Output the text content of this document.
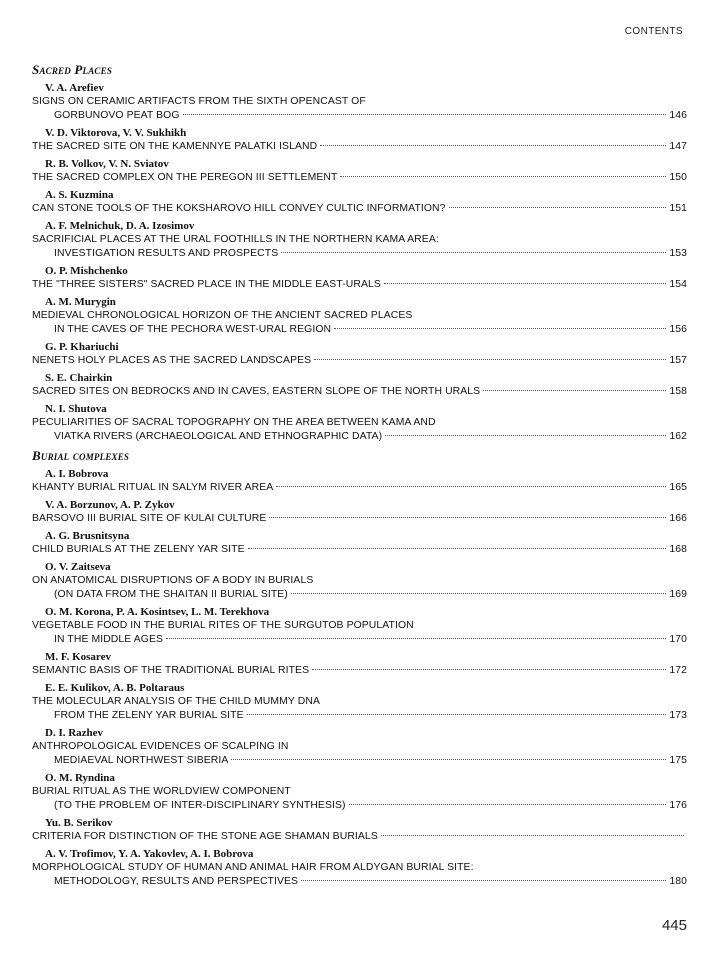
CONTENTS
Sacred Places
V. A. Arefiev
SIGNS ON CERAMIC ARTIFACTS FROM THE SIXTH OPENCAST OF
GORBUNOVO PEAT BOG	146
V. D. Viktorova, V. V. Sukhikh
THE SACRED SITE ON THE KAMENNYE PALATKI ISLAND	147
R. B. Volkov, V. N. Sviatov
THE SACRED COMPLEX ON THE PEREGON III SETTLEMENT	150
A. S. Kuzmina
CAN STONE TOOLS OF THE KOKSHAROVO HILL CONVEY CULTIC INFORMATION?	151
A. F. Melnichuk, D. A. Izosimov
SACRIFICIAL PLACES AT THE URAL FOOTHILLS IN THE NORTHERN KAMA AREA:
INVESTIGATION RESULTS AND PROSPECTS	153
O. P. Mishchenko
THE "THREE SISTERS" SACRED PLACE IN THE MIDDLE EAST-URALS	154
A. M. Murygin
MEDIEVAL CHRONOLOGICAL HORIZON OF THE ANCIENT SACRED PLACES
IN THE CAVES OF THE PECHORA WEST-URAL REGION	156
G. P. Khariuchi
NENETS HOLY PLACES AS THE SACRED LANDSCAPES	157
S. E. Chairkin
SACRED SITES ON BEDROCKS AND IN CAVES, EASTERN SLOPE OF THE NORTH URALS	158
N. I. Shutova
PECULIARITIES OF SACRAL TOPOGRAPHY ON THE AREA BETWEEN KAMA AND
VIATKA RIVERS (ARCHAEOLOGICAL AND ETHNOGRAPHIC DATA)	162
Burial complexes
A. I. Bobrova
KHANTY BURIAL RITUAL IN SALYM RIVER AREA	165
V. A. Borzunov, A. P. Zykov
BARSOVO III BURIAL SITE OF KULAI CULTURE	166
A. G. Brusnitsyna
CHILD BURIALS AT THE ZELENY YAR SITE	168
O. V. Zaitseva
ON ANATOMICAL DISRUPTIONS OF A BODY IN BURIALS
(ON DATA FROM THE SHAITAN II BURIAL SITE)	169
O. M. Korona, P. A. Kosintsev, L. M. Terekhova
VEGETABLE FOOD IN THE BURIAL RITES OF THE SURGUTOB POPULATION
IN THE MIDDLE AGES	170
M. F. Kosarev
SEMANTIC BASIS OF THE TRADITIONAL BURIAL RITES	172
E. E. Kulikov, A. B. Poltaraus
THE MOLECULAR ANALYSIS OF THE CHILD MUMMY DNA
FROM THE ZELENY YAR BURIAL SITE	173
D. I. Razhev
ANTHROPOLOGICAL EVIDENCES OF SCALPING IN
MEDIAEVAL NORTHWEST SIBERIA	175
O. M. Ryndina
BURIAL RITUAL AS THE WORLDVIEW COMPONENT
(TO THE PROBLEM OF INTER-DISCIPLINARY SYNTHESIS)	176
Yu. B. Serikov
CRITERIA FOR DISTINCTION OF THE STONE AGE SHAMAN BURIALS
A. V. Trofimov, Y. A. Yakovlev, A. I. Bobrova
MORPHOLOGICAL STUDY OF HUMAN AND ANIMAL HAIR FROM ALDYGAN BURIAL SITE:
METHODOLOGY, RESULTS AND PERSPECTIVES	180
445
